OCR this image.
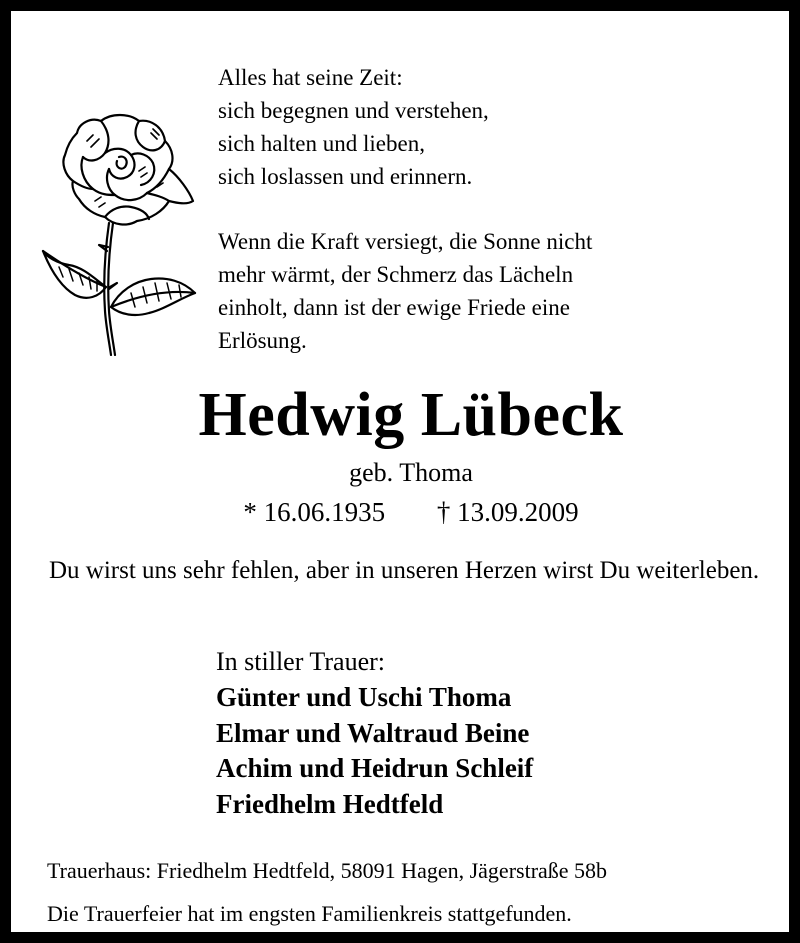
Alles hat seine Zeit:
sich begegnen und verstehen,
sich halten und lieben,
sich loslassen und erinnern.
Wenn die Kraft versiegt, die Sonne nicht
mehr wärmt, der Schmerz das Lächeln
einholt, dann ist der ewige Friede eine
Erlösung.
Hedwig Lübeck
geb. Thoma
* 16.06.1935 † 13.09.2009
Du wirst uns sehr fehlen, aber in unseren Herzen wirst Du weiterleben.
In stiller Trauer:
Günter und Uschi Thoma
Elmar und Waltraud Beine
Achim und Heidrun Schleif
Friedhelm Hedtfeld
Trauerhaus: Friedhelm Hedtfeld, 58091 Hagen, Jägerstraße 58b
Die Trauerfeier hat im engsten Familienkreis stattgefunden.
